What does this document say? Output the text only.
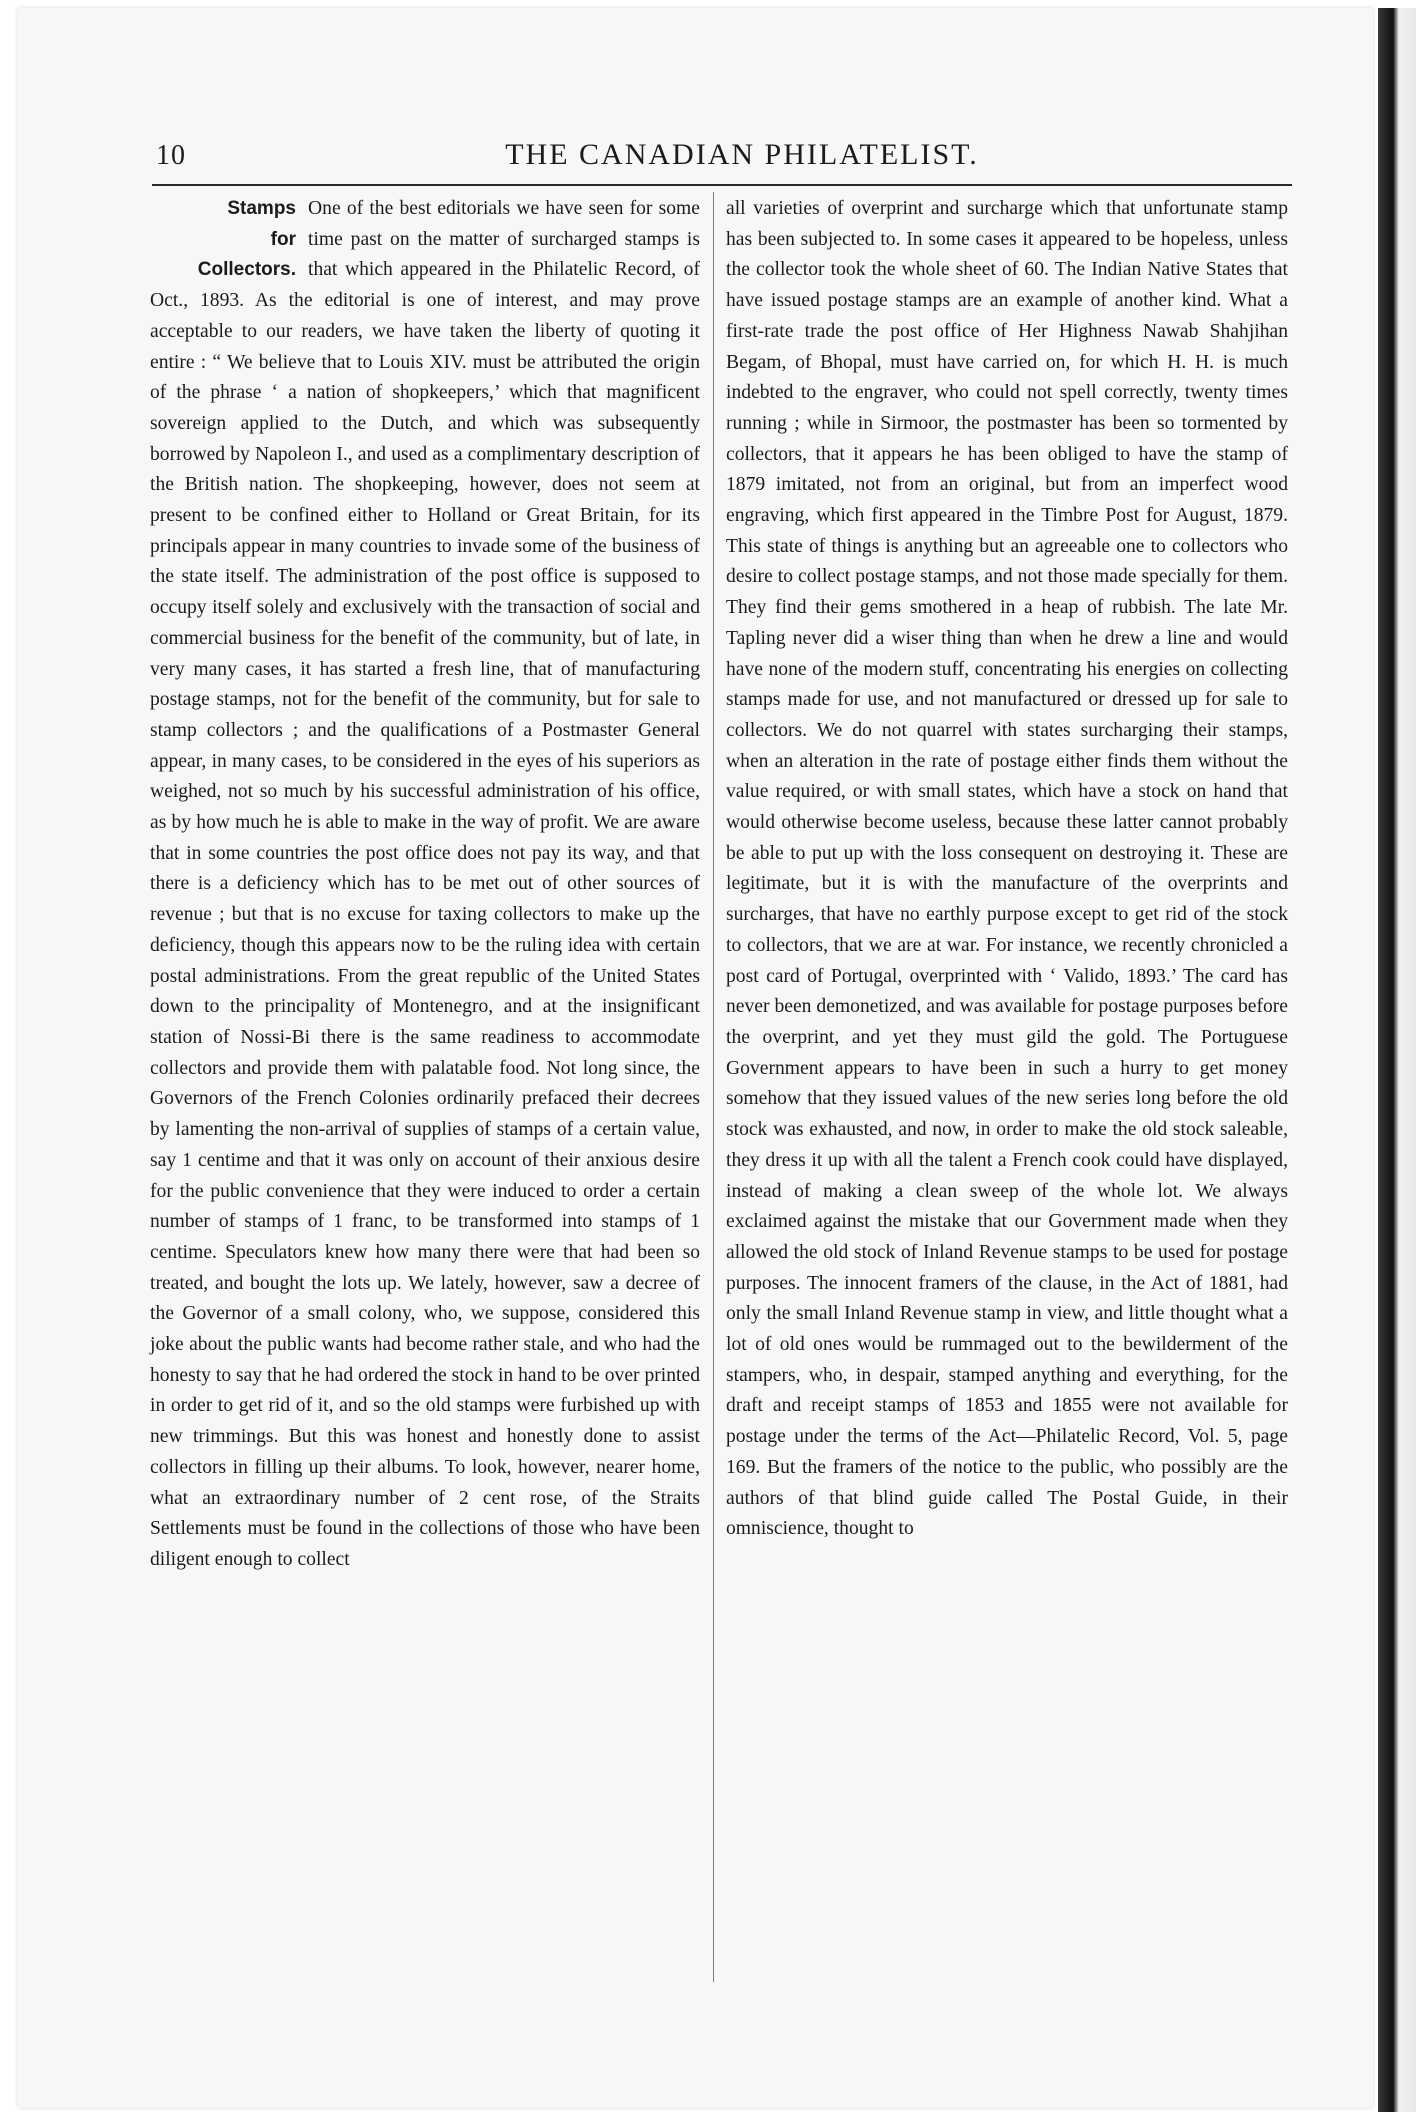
10	THE CANADIAN PHILATELIST.
Stamps
for
Collectors.

One of the best editorials we have seen for some time past on the matter of surcharged stamps is that which appeared in the Philatelic Record, of Oct., 1893. As the editorial is one of interest, and may prove acceptable to our readers, we have taken the liberty of quoting it entire : “ We believe that to Louis XIV. must be attributed the origin of the phrase ‘ a nation of shopkeepers,’ which that magnificent sovereign applied to the Dutch, and which was subsequently borrowed by Napoleon I., and used as a complimentary description of the British nation. The shopkeeping, however, does not seem at present to be confined either to Holland or Great Britain, for its principals appear in many countries to invade some of the business of the state itself. The administration of the post office is supposed to occupy itself solely and exclusively with the transaction of social and commercial business for the benefit of the community, but of late, in very many cases, it has started a fresh line, that of manufacturing postage stamps, not for the benefit of the community, but for sale to stamp collectors ; and the qualifications of a Postmaster General appear, in many cases, to be considered in the eyes of his superiors as weighed, not so much by his successful administration of his office, as by how much he is able to make in the way of profit. We are aware that in some countries the post office does not pay its way, and that there is a deficiency which has to be met out of other sources of revenue ; but that is no excuse for taxing collectors to make up the deficiency, though this appears now to be the ruling idea with certain postal administrations. From the great republic of the United States down to the principality of Montenegro, and at the insignificant station of Nossi-Bi there is the same readiness to accommodate collectors and provide them with palatable food. Not long since, the Governors of the French Colonies ordinarily prefaced their decrees by lamenting the non-arrival of supplies of stamps of a certain value, say 1 centime and that it was only on account of their anxious desire for the public convenience that they were induced to order a certain number of stamps of 1 franc, to be transformed into stamps of 1 centime. Speculators knew how many there were that had been so treated, and bought the lots up. We lately, however, saw a decree of the Governor of a small colony, who, we suppose, considered this joke about the public wants had become rather stale, and who had the honesty to say that he had ordered the stock in hand to be over printed in order to get rid of it, and so the old stamps were furbished up with new trimmings. But this was honest and honestly done to assist collectors in filling up their albums. To look, however, nearer home, what an extraordinary number of 2 cent rose, of the Straits Settlements must be found in the collections of those who have been diligent enough to collect

all varieties of overprint and surcharge which that unfortunate stamp has been subjected to. In some cases it appeared to be hopeless, unless the collector took the whole sheet of 60. The Indian Native States that have issued postage stamps are an example of another kind. What a first-rate trade the post office of Her Highness Nawab Shahjihan Begam, of Bhopal, must have carried on, for which H. H. is much indebted to the engraver, who could not spell correctly, twenty times running ; while in Sirmoor, the postmaster has been so tormented by collectors, that it appears he has been obliged to have the stamp of 1879 imitated, not from an original, but from an imperfect wood engraving, which first appeared in the Timbre Post for August, 1879. This state of things is anything but an agreeable one to collectors who desire to collect postage stamps, and not those made specially for them. They find their gems smothered in a heap of rubbish. The late Mr. Tapling never did a wiser thing than when he drew a line and would have none of the modern stuff, concentrating his energies on collecting stamps made for use, and not manufactured or dressed up for sale to collectors. We do not quarrel with states surcharging their stamps, when an alteration in the rate of postage either finds them without the value required, or with small states, which have a stock on hand that would otherwise become useless, because these latter cannot probably be able to put up with the loss consequent on destroying it. These are legitimate, but it is with the manufacture of the overprints and surcharges, that have no earthly purpose except to get rid of the stock to collectors, that we are at war. For instance, we recently chronicled a post card of Portugal, overprinted with ‘ Valido, 1893.’ The card has never been demonetized, and was available for postage purposes before the overprint, and yet they must gild the gold. The Portuguese Government appears to have been in such a hurry to get money somehow that they issued values of the new series long before the old stock was exhausted, and now, in order to make the old stock saleable, they dress it up with all the talent a French cook could have displayed, instead of making a clean sweep of the whole lot. We always exclaimed against the mistake that our Government made when they allowed the old stock of Inland Revenue stamps to be used for postage purposes. The innocent framers of the clause, in the Act of 1881, had only the small Inland Revenue stamp in view, and little thought what a lot of old ones would be rummaged out to the bewilderment of the stampers, who, in despair, stamped anything and everything, for the draft and receipt stamps of 1853 and 1855 were not available for postage under the terms of the Act—Philatelic Record, Vol. 5, page 169. But the framers of the notice to the public, who possibly are the authors of that blind guide called The Postal Guide, in their omniscience, thought to
